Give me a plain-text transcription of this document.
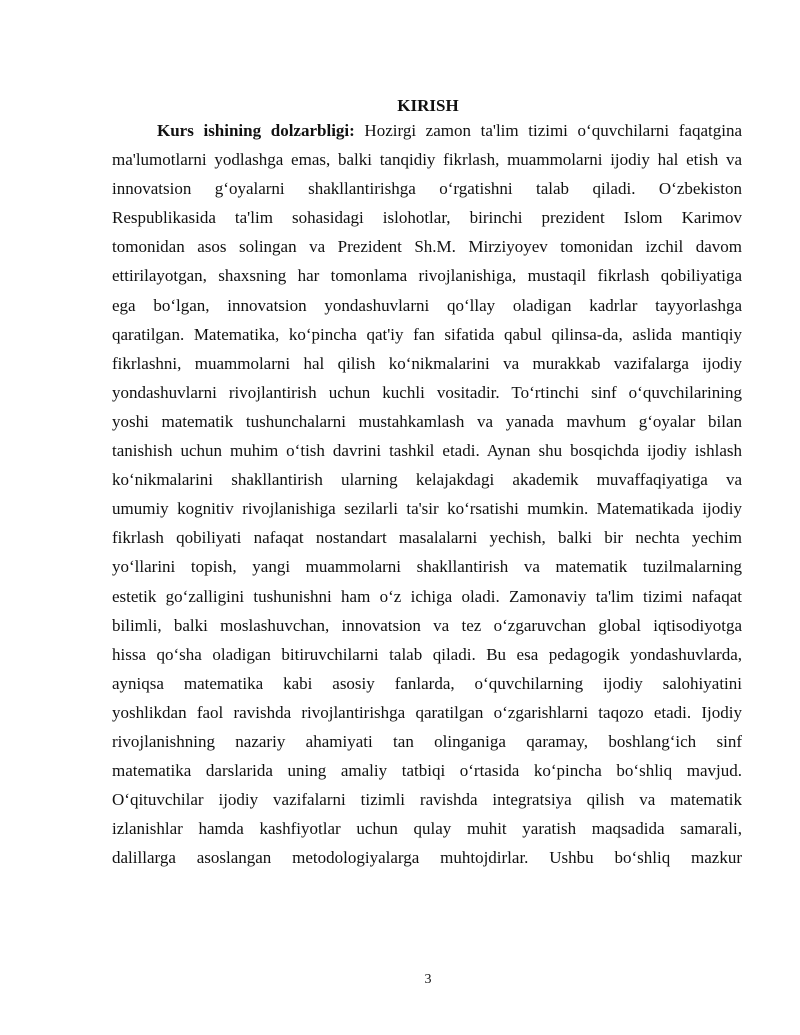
KIRISH
Kurs ishining dolzarbligi: Hozirgi zamon ta'lim tizimi o‘quvchilarni faqatgina
ma'lumotlarni yodlashga emas, balki tanqidiy fikrlash, muammolarni ijodiy hal etish va
innovatsion g‘oyalarni shakllantirishga o‘rgatishni talab qiladi. O‘zbekiston
Respublikasida ta'lim sohasidagi islohotlar, birinchi prezident Islom Karimov
tomonidan asos solingan va Prezident Sh.M. Mirziyoyev tomonidan izchil davom
ettirilayotgan, shaxsning har tomonlama rivojlanishiga, mustaqil fikrlash qobiliyatiga
ega bo‘lgan, innovatsion yondashuvlarni qo‘llay oladigan kadrlar tayyorlashga
qaratilgan. Matematika, ko‘pincha qat'iy fan sifatida qabul qilinsa-da, aslida mantiqiy
fikrlashni, muammolarni hal qilish ko‘nikmalarini va murakkab vazifalarga ijodiy
yondashuvlarni rivojlantirish uchun kuchli vositadir. To‘rtinchi sinf o‘quvchilarining
yoshi matematik tushunchalarni mustahkamlash va yanada mavhum g‘oyalar bilan
tanishish uchun muhim o‘tish davrini tashkil etadi. Aynan shu bosqichda ijodiy ishlash
ko‘nikmalarini shakllantirish ularning kelajakdagi akademik muvaffaqiyatiga va
umumiy kognitiv rivojlanishiga sezilarli ta'sir ko‘rsatishi mumkin. Matematikada ijodiy
fikrlash qobiliyati nafaqat nostandart masalalarni yechish, balki bir nechta yechim
yo‘llarini topish, yangi muammolarni shakllantirish va matematik tuzilmalarning
estetik go‘zalligini tushunishni ham o‘z ichiga oladi. Zamonaviy ta'lim tizimi nafaqat
bilimli, balki moslashuvchan, innovatsion va tez o‘zgaruvchan global iqtisodiyotga
hissa qo‘sha oladigan bitiruvchilarni talab qiladi. Bu esa pedagogik yondashuvlarda,
ayniqsa matematika kabi asosiy fanlarda, o‘quvchilarning ijodiy salohiyatini
yoshlikdan faol ravishda rivojlantirishga qaratilgan o‘zgarishlarni taqozo etadi. Ijodiy
rivojlanishning nazariy ahamiyati tan olinganiga qaramay, boshlang‘ich sinf
matematika darslarida uning amaliy tatbiqi o‘rtasida ko‘pincha bo‘shliq mavjud.
O‘qituvchilar ijodiy vazifalarni tizimli ravishda integratsiya qilish va matematik
izlanishlar hamda kashfiyotlar uchun qulay muhit yaratish maqsadida samarali,
dalillarga asoslangan metodologiyalarga muhtojdirlar. Ushbu bo‘shliq mazkur
3
